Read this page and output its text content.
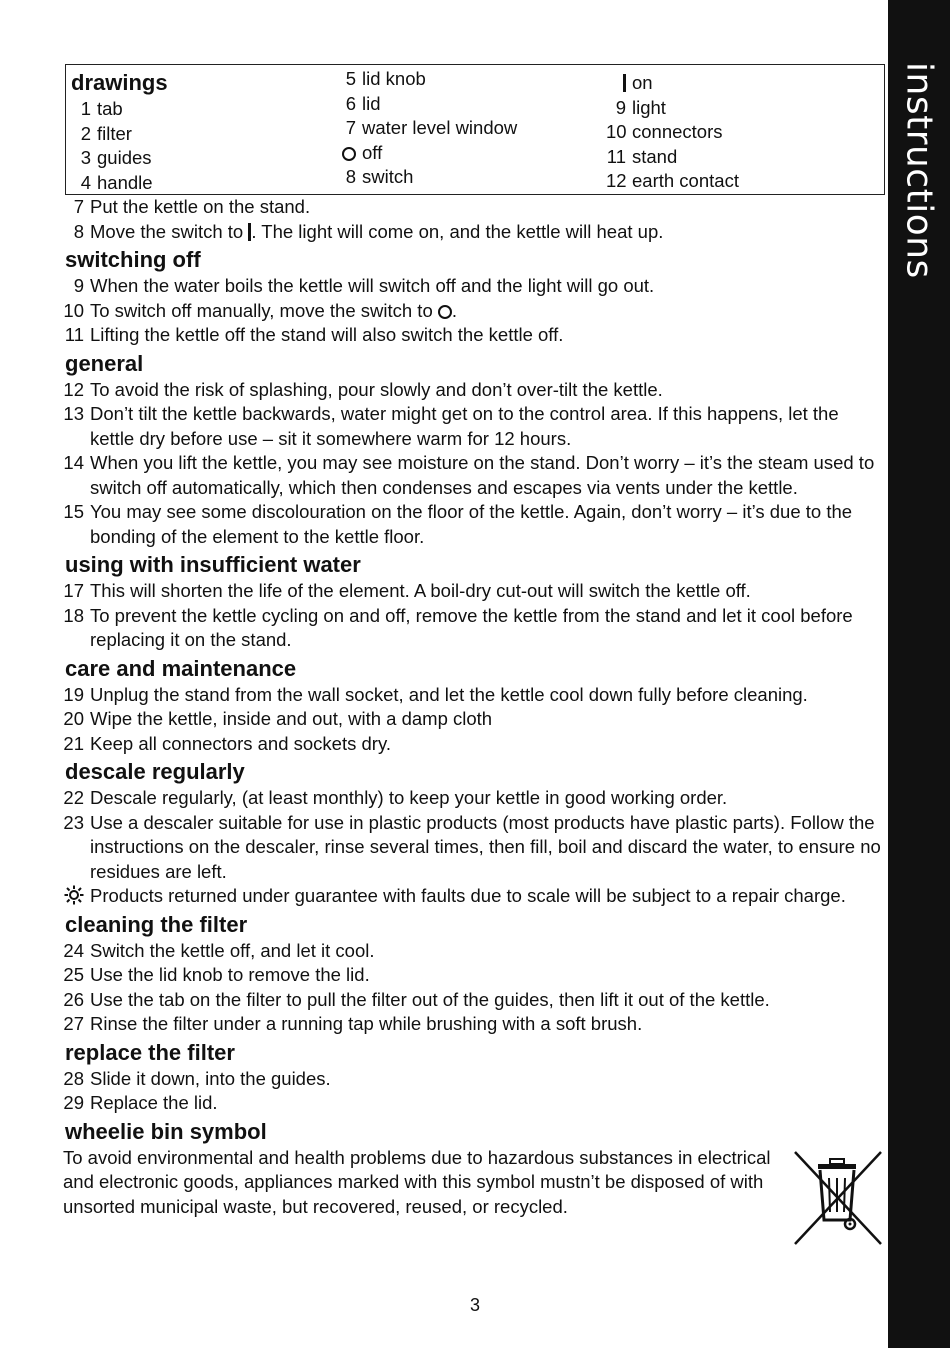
instructions
drawings
1 tab
2 filter
3 guides
4 handle
5 lid knob
6 lid
7 water level window
off
8 switch
on
9 light
10 connectors
11 stand
12 earth contact
7 Put the kettle on the stand.
8 Move the switch to . The light will come on, and the kettle will heat up.
switching off
9 When the water boils the kettle will switch off and the light will go out.
10 To switch off manually, move the switch to .
11 Lifting the kettle off the stand will also switch the kettle off.
general
12 To avoid the risk of splashing, pour slowly and don’t over-tilt the kettle.
13 Don’t tilt the kettle backwards, water might get on to the control area. If this happens, let the kettle dry before use – sit it somewhere warm for 12 hours.
14 When you lift the kettle, you may see moisture on the stand. Don’t worry – it’s the steam used to switch off automatically, which then condenses and escapes via vents under the kettle.
15 You may see some discolouration on the floor of the kettle. Again, don’t worry – it’s due to the bonding of the element to the kettle floor.
using with insufficient water
17 This will shorten the life of the element. A boil-dry cut-out will switch the kettle off.
18 To prevent the kettle cycling on and off, remove the kettle from the stand and let it cool before replacing it on the stand.
care and maintenance
19 Unplug the stand from the wall socket, and let the kettle cool down fully before cleaning.
20 Wipe the kettle, inside and out, with a damp cloth
21 Keep all connectors and sockets dry.
descale regularly
22 Descale regularly, (at least monthly) to keep your kettle in good working order.
23 Use a descaler suitable for use in plastic products (most products have plastic parts). Follow the instructions on the descaler, rinse several times, then fill, boil and discard the water, to ensure no residues are left.
Products returned under guarantee with faults due to scale will be subject to a repair charge.
cleaning the filter
24 Switch the kettle off, and let it cool.
25 Use the lid knob to remove the lid.
26 Use the tab on the filter to pull the filter out of the guides, then lift it out of the kettle.
27 Rinse the filter under a running tap while brushing with a soft brush.
replace the filter
28 Slide it down, into the guides.
29 Replace the lid.
wheelie bin symbol
To avoid environmental and health problems due to hazardous substances in electrical and electronic goods, appliances marked with this symbol mustn’t be disposed of with unsorted municipal waste, but recovered, reused, or recycled.
3
